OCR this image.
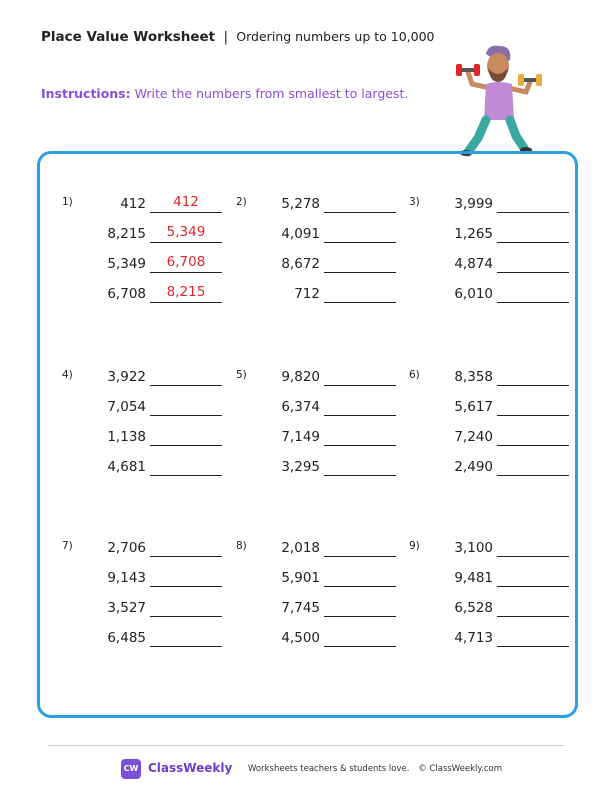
Place Value Worksheet | Ordering numbers up to 10,000
Instructions: Write the numbers from smallest to largest.
1)	412	412
8,215	5,349
5,349	6,708
6,708	8,215
2)	5,278
4,091
8,672
712
3)	3,999
1,265
4,874
6,010
4)	3,922
7,054
1,138
4,681
5)	9,820
6,374
7,149
3,295
6)	8,358
5,617
7,240
2,490
7)	2,706
9,143
3,527
6,485
8)	2,018
5,901
7,745
4,500
9)	3,100
9,481
6,528
4,713
CW ClassWeekly Worksheets teachers & students love. © ClassWeekly.com
